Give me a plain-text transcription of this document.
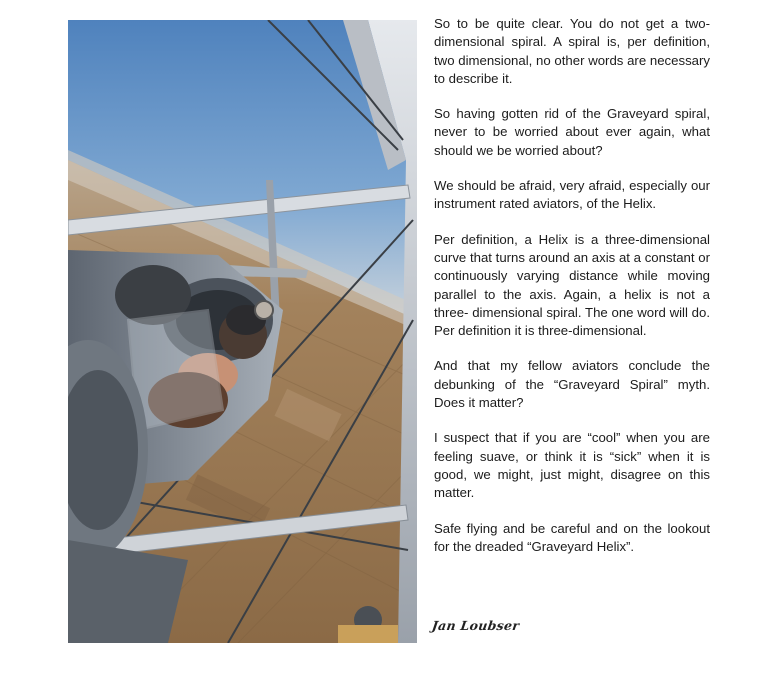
So to be quite clear. You do not get a two-dimensional spiral. A spiral is, per definition, two dimensional, no other words are necessary to describe it.

So having gotten rid of the Graveyard spiral, never to be worried about ever again, what should we be worried about?

We should be afraid, very afraid, especially our instrument rated aviators, of the Helix.

Per definition, a Helix is a three-dimensional curve that turns around an axis at a constant or continuously varying distance while moving parallel to the axis. Again, a helix is not a three- dimensional spiral. The one word will do. Per definition it is three-dimensional.

And that my fellow aviators conclude the debunking of the “Graveyard Spiral” myth. Does it matter?

I suspect that if you are “cool” when you are feeling suave, or think it is “sick” when it is good, we might, just might, disagree on this matter.

Safe flying and be careful and on the lookout for the dreaded “Graveyard Helix”.

Jan Loubser
